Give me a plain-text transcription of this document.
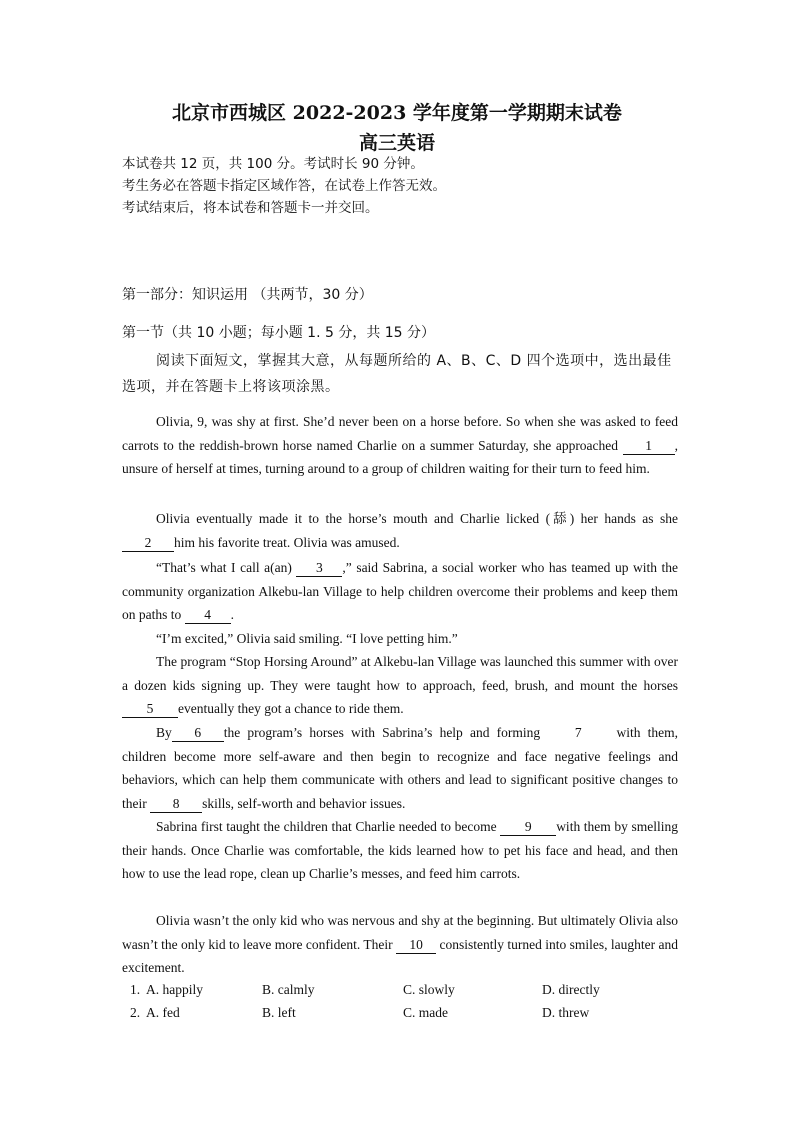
北京市西城区 2022-2023 学年度第一学期期末试卷
高三英语
本试卷共 12 页，共 100 分。考试时长 90 分钟。
考生务必在答题卡指定区域作答，在试卷上作答无效。
考试结束后，将本试卷和答题卡一并交回。
第一部分：知识运用 （共两节，30 分）
第一节（共 10 小题；每小题 1. 5 分，共 15 分）
阅读下面短文，掌握其大意，从每题所给的 A、B、C、D 四个选项中，选出最佳选项，并在答题卡上将该项涂黑。
Olivia, 9, was shy at first. She’d never been on a horse before. So when she was asked to feed carrots to the reddish-brown horse named Charlie on a summer Saturday, she approached 1 , unsure of herself at times, turning around to a group of children waiting for their turn to feed him.
Olivia eventually made it to the horse’s mouth and Charlie licked (舔) her hands as she 2 him his favorite treat. Olivia was amused.
“That’s what I call a(an) 3 ,” said Sabrina, a social worker who has teamed up with the community organization Alkebu-lan Village to help children overcome their problems and keep them on paths to 4 .
“I’m excited,” Olivia said smiling. “I love petting him.”
The program “Stop Horsing Around” at Alkebu-lan Village was launched this summer with over a dozen kids signing up. They were taught how to approach, feed, brush, and mount the horses 5 eventually they got a chance to ride them.
By 6 the program’s horses with Sabrina’s help and forming	7	with them, children become more self-aware and then begin to recognize and face negative feelings and behaviors, which can help them communicate with others and lead to significant positive changes to their 8 skills, self-worth and behavior issues.
Sabrina first taught the children that Charlie needed to become 9 with them by smelling their hands. Once Charlie was comfortable, the kids learned how to pet his face and head, and then how to use the lead rope, clean up Charlie’s messes, and feed him carrots.
Olivia wasn’t the only kid who was nervous and shy at the beginning. But ultimately Olivia also wasn’t the only kid to leave more confident. Their 10 consistently turned into smiles, laughter and excitement.
1. A. happily	B. calmly	C. slowly	D. directly
2. A. fed	B. left	C. made	D. threw
